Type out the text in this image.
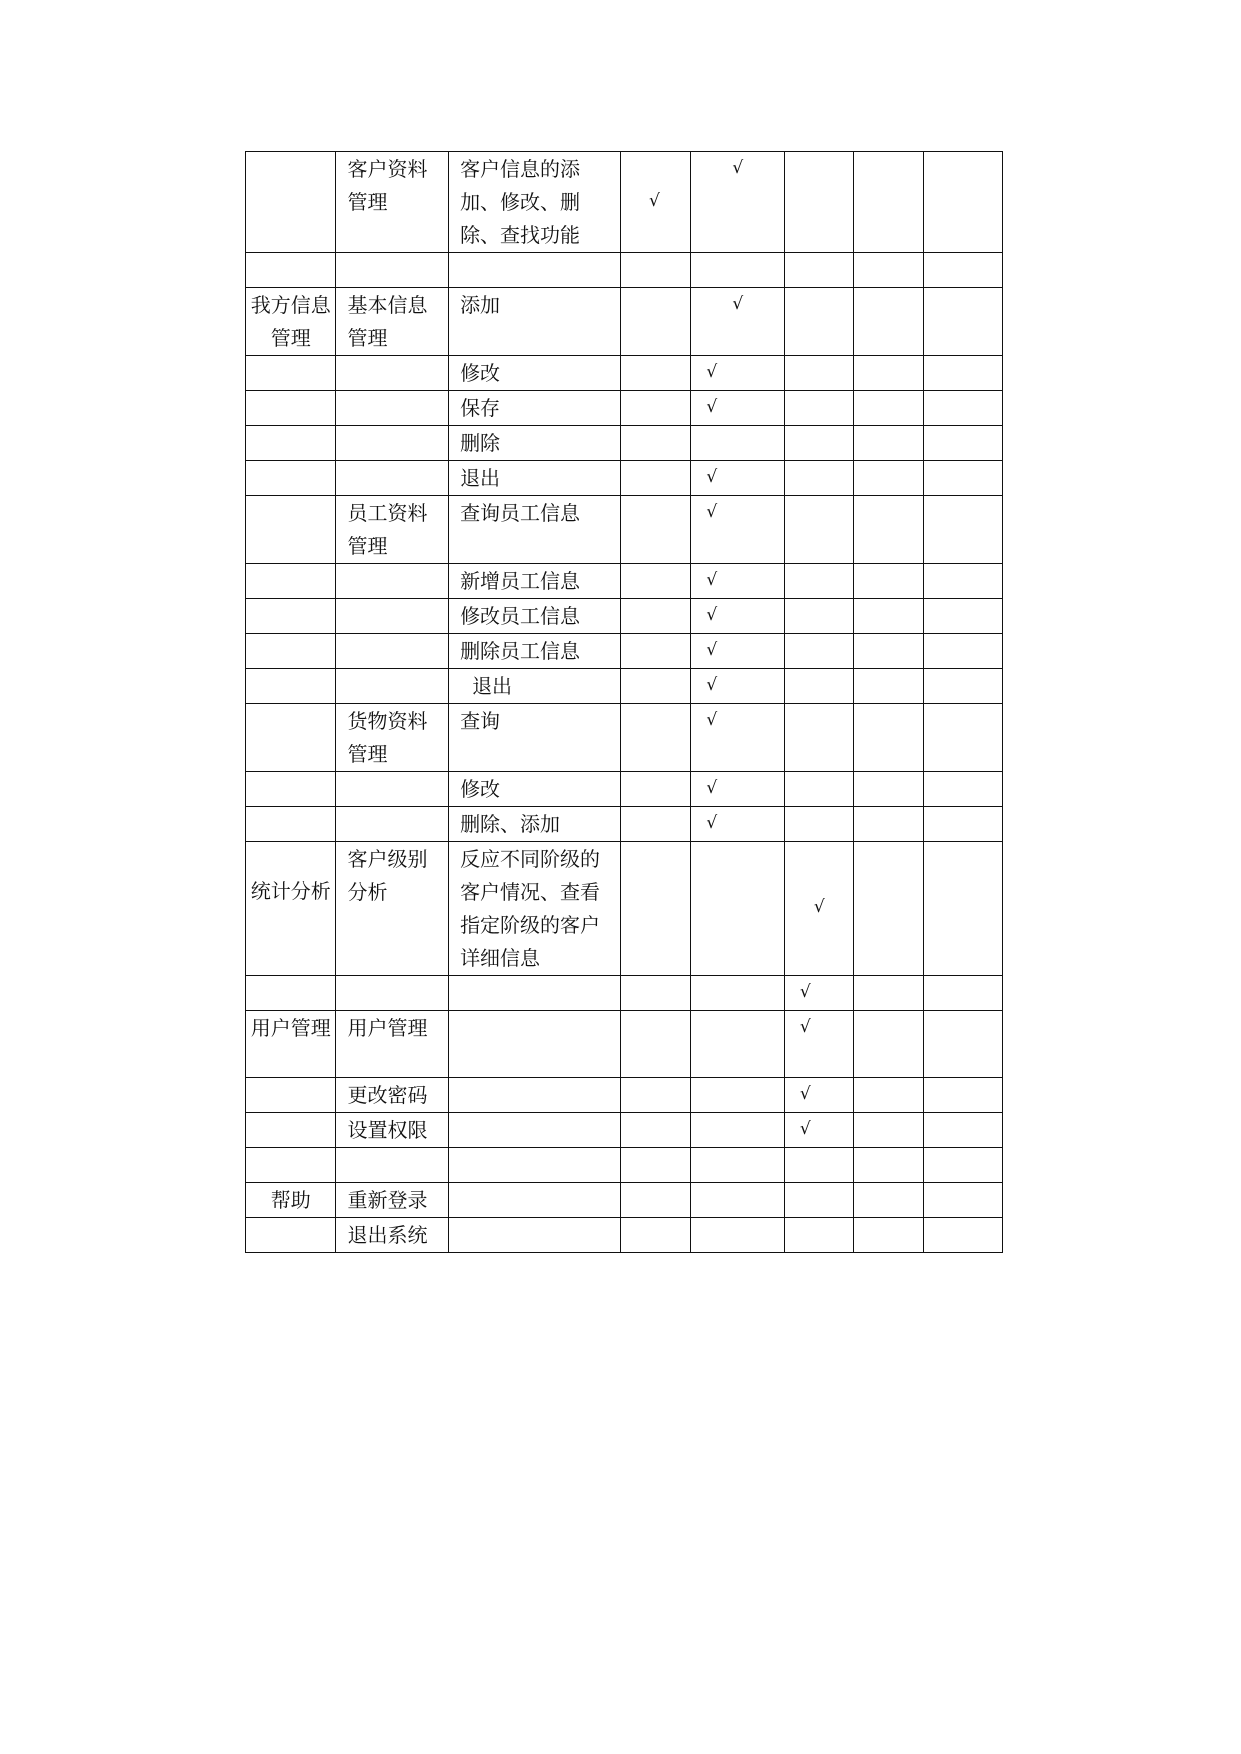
	客户资料管理	客户信息的添加、修改、删除、查找功能	√	√			

我方信息管理	基本信息管理	添加		√			

		修改		√			

		保存		√			

		删除					

		退出		√			

	员工资料管理	查询员工信息		√			

		新增员工信息		√			

		修改员工信息		√			

		删除员工信息		√			

		退出		√			

	货物资料管理	查询		√			

		修改		√			

		删除、添加		√			

统计分析	客户级别分析	反应不同阶级的客户情况、查看指定阶级的客户详细信息			√		

					√		

用户管理	用户管理				√		

	更改密码				√		

	设置权限				√		

帮助	重新登录						

	退出系统						
